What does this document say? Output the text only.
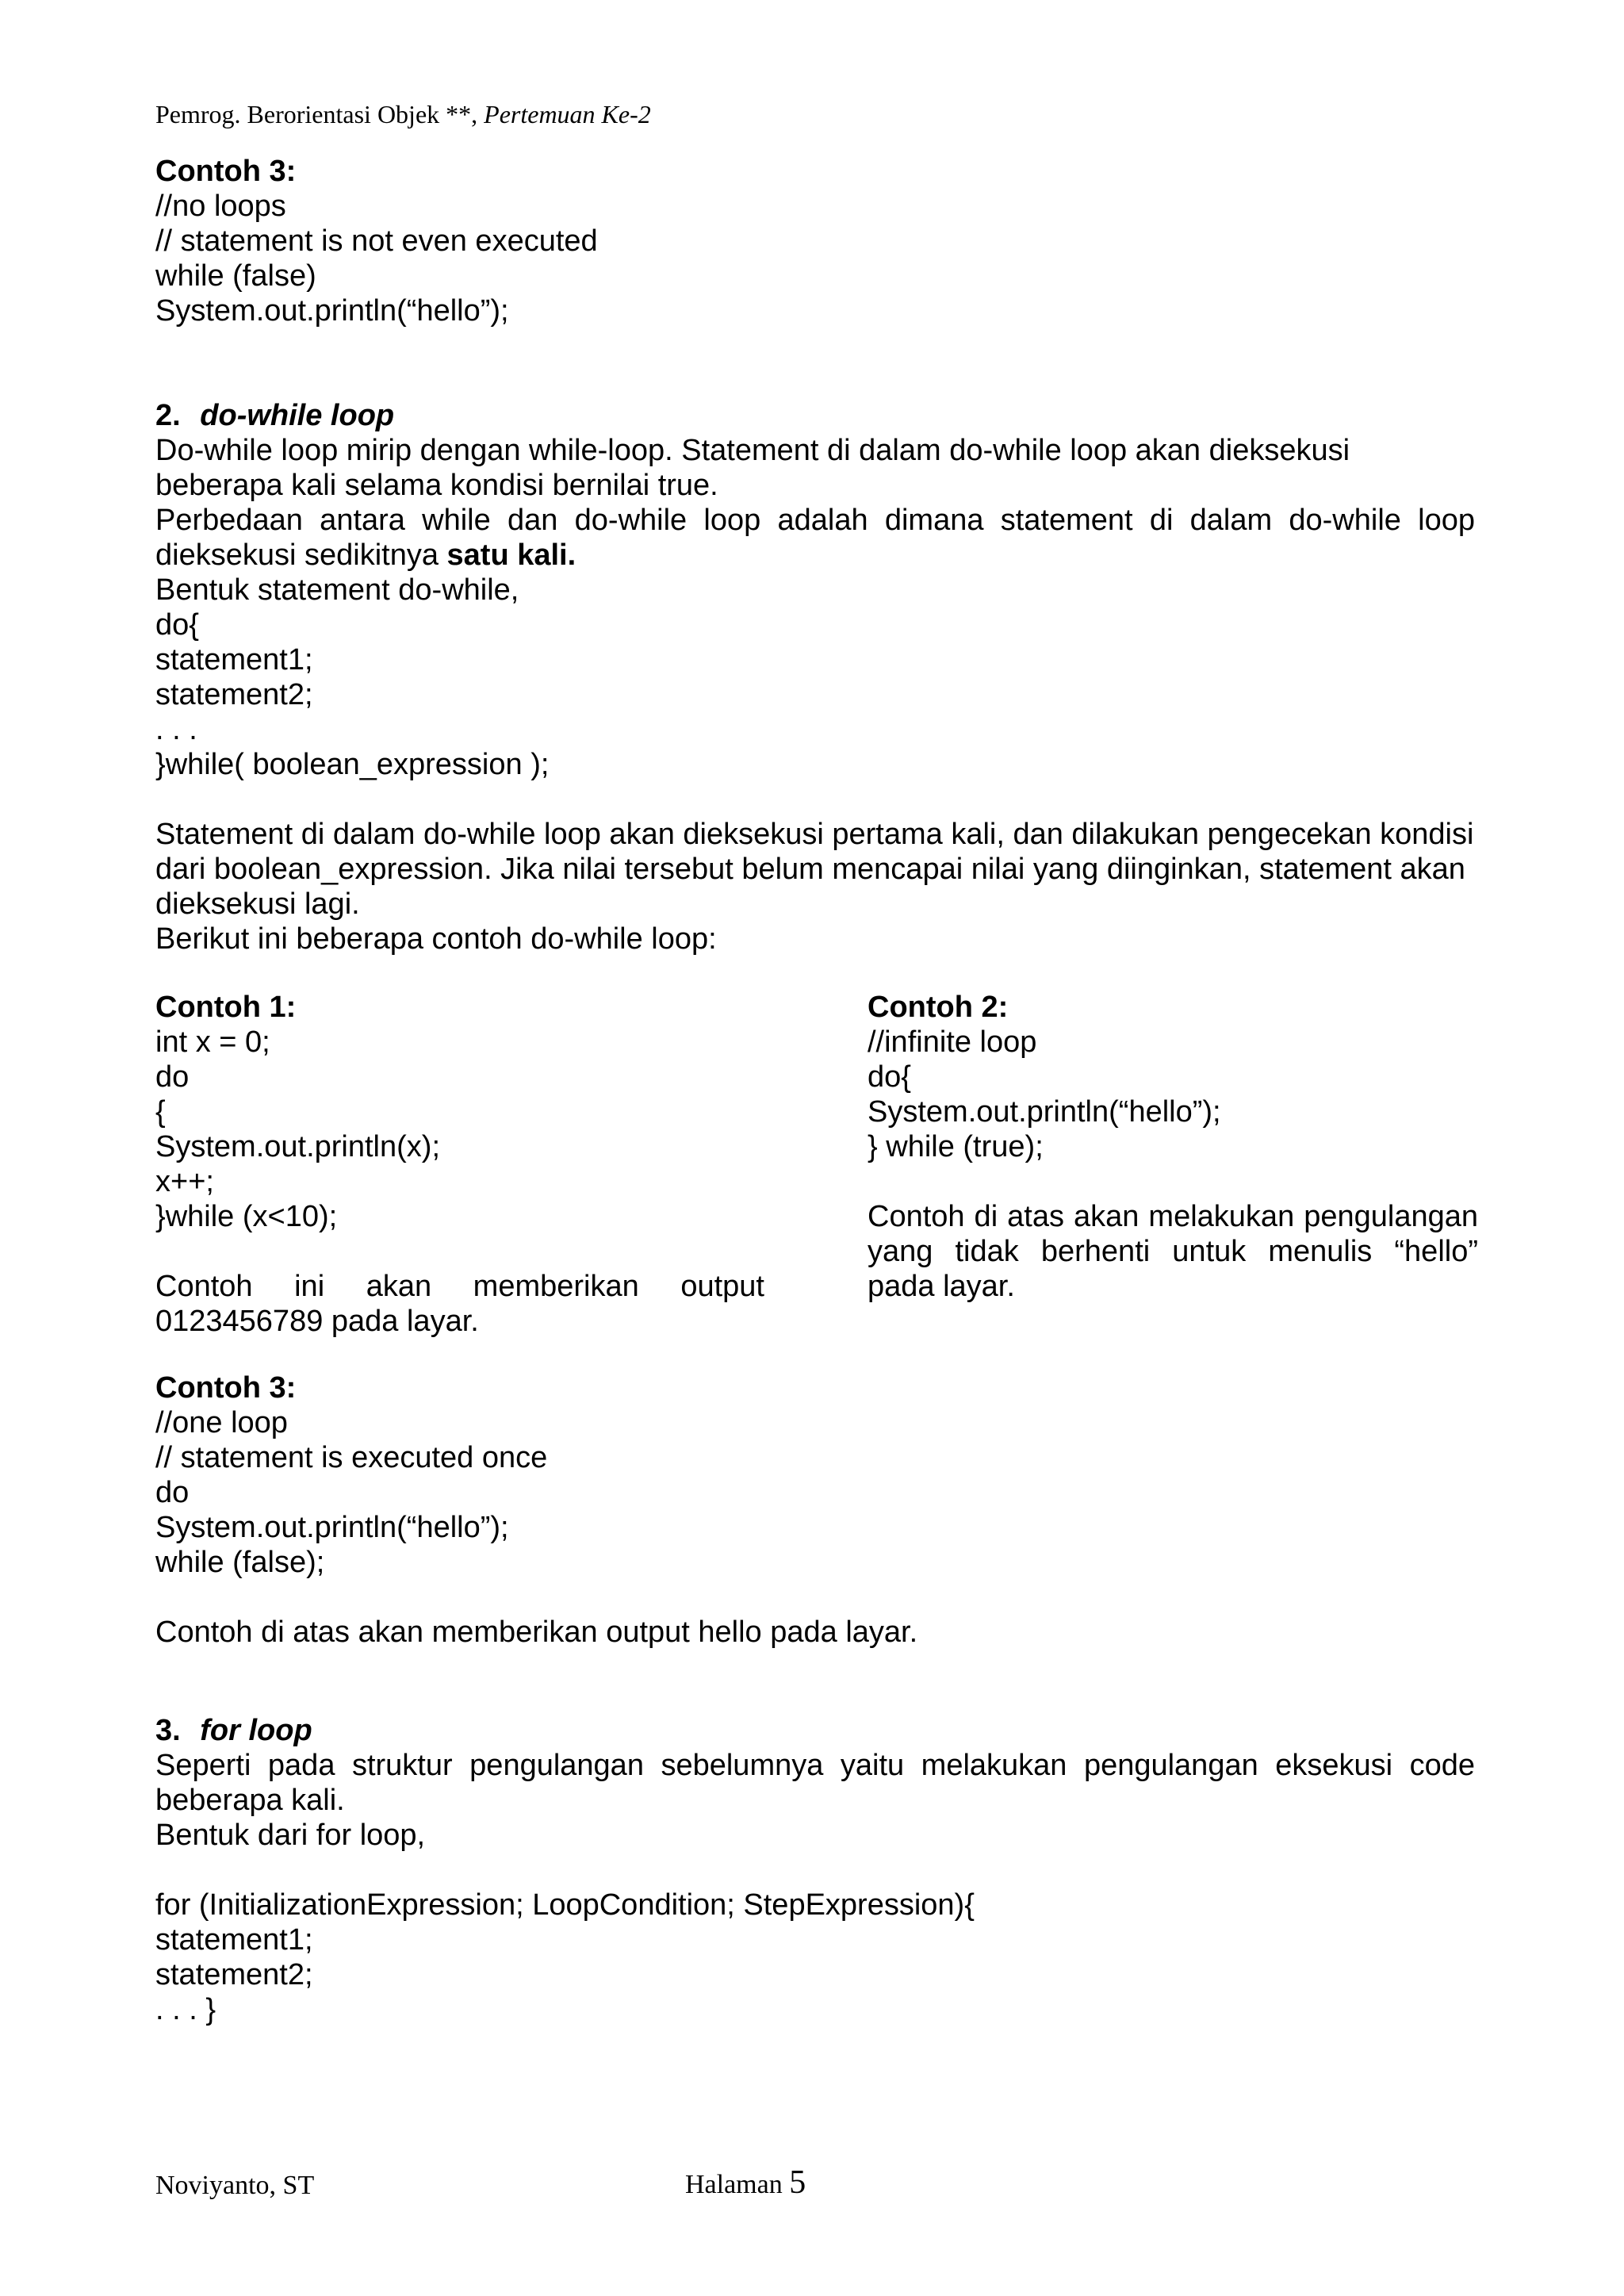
Pemrog. Berorientasi Objek **, Pertemuan Ke-2
Contoh 3:
//no loops
// statement is not even executed
while (false)
System.out.println(“hello”);
2. do-while loop
Do-while loop mirip dengan while-loop. Statement di dalam do-while loop akan dieksekusi
beberapa kali selama kondisi bernilai true.
Perbedaan antara while dan do-while loop adalah dimana statement di dalam do-while loop
dieksekusi sedikitnya satu kali.
Bentuk statement do-while,
do{
statement1;
statement2;
. . .
}while( boolean_expression );
Statement di dalam do-while loop akan dieksekusi pertama kali, dan dilakukan pengecekan kondisi
dari boolean_expression. Jika nilai tersebut belum mencapai nilai yang diinginkan, statement akan
dieksekusi lagi.
Berikut ini beberapa contoh do-while loop:
Contoh 1:
int x = 0;
do
{
System.out.println(x);
x++;
}while (x<10);
Contoh ini akan memberikan output
0123456789 pada layar.
Contoh 2:
//infinite loop
do{
System.out.println(“hello”);
} while (true);
Contoh di atas akan melakukan pengulangan
yang tidak berhenti untuk menulis “hello”
pada layar.
Contoh 3:
//one loop
// statement is executed once
do
System.out.println(“hello”);
while (false);
Contoh di atas akan memberikan output hello pada layar.
3. for loop
Seperti pada struktur pengulangan sebelumnya yaitu melakukan pengulangan eksekusi code
beberapa kali.
Bentuk dari for loop,
for (InitializationExpression; LoopCondition; StepExpression){
statement1;
statement2;
. . . }
Noviyanto, ST	Halaman 5
